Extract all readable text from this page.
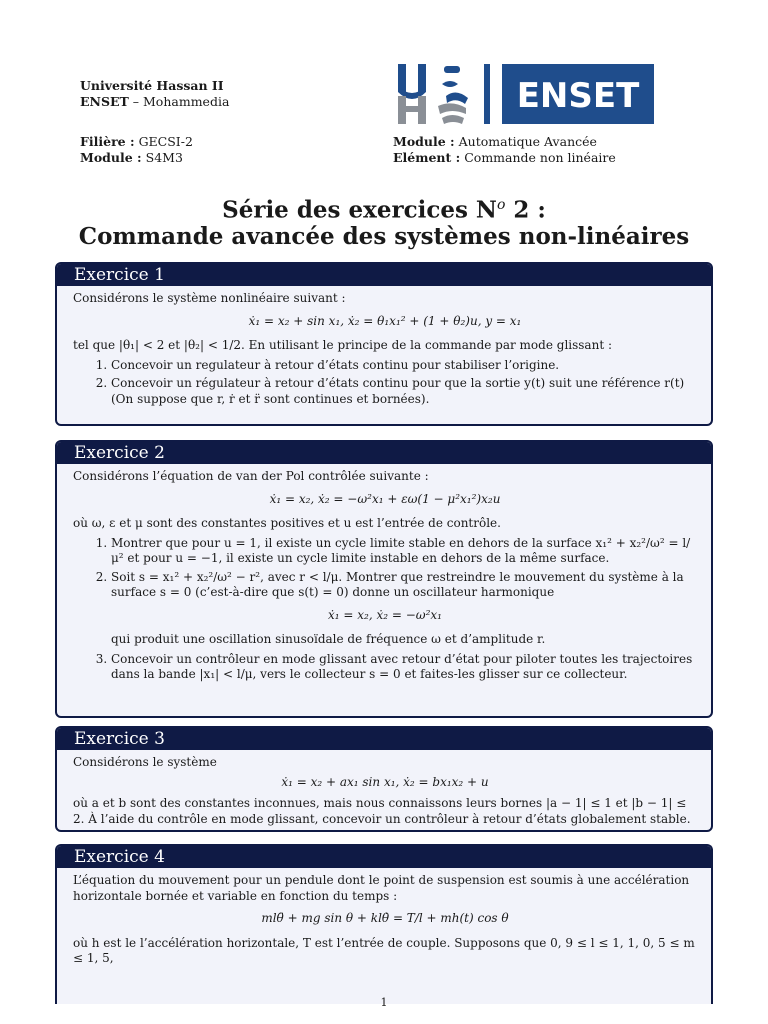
Université Hassan II
ENSET – Mohammedia
Filière : GECSI-2
Module : S4M3
Module : Automatique Avancée
Elément : Commande non linéaire
ENSET
Série des exercices $N^o$ 2 :
Commande avancée des systèmes non-linéaires
Exercice 1

Considérons le système nonlinéaire suivant :

ẋ₁ = x₂ + sin x₁, ẋ₂ = θ₁x₁² + (1 + θ₂)u, y = x₁

tel que |θ₁| < 2 et |θ₂| < 1/2. En utilisant le principe de la commande par mode glissant :

1. Concevoir un regulateur à retour d’états continu pour stabiliser l’origine.
2. Concevoir un régulateur à retour d’états continu pour que la sortie y(t) suit une référence r(t) (On suppose que r, ṙ et r̈ sont continues et bornées).
Exercice 2

Considérons l’équation de van der Pol contrôlée suivante :

ẋ₁ = x₂, ẋ₂ = −ω²x₁ + εω(1 − μ²x₁²)x₂u

où ω, ε et μ sont des constantes positives et u est l’entrée de contrôle.

1. Montrer que pour u = 1, il existe un cycle limite stable en dehors de la surface x₁² + x₂²/ω² = l/μ² et pour u = −1, il existe un cycle limite instable en dehors de la même surface.
2. Soit s = x₁² + x₂²/ω² − r², avec r < l/μ. Montrer que restreindre le mouvement du système à la surface s = 0 (c’est-à-dire que s(t) = 0) donne un oscillateur harmonique
ẋ₁ = x₂, ẋ₂ = −ω²x₁

qui produit une oscillation sinusoïdale de fréquence ω et d’amplitude r.

3. Concevoir un contrôleur en mode glissant avec retour d’état pour piloter toutes les trajectoires dans la bande |x₁| < l/μ, vers le collecteur s = 0 et faites-les glisser sur ce collecteur.
Exercice 3

Considérons le système

ẋ₁ = x₂ + ax₁ sin x₁, ẋ₂ = bx₁x₂ + u

où a et b sont des constantes inconnues, mais nous connaissons leurs bornes |a − 1| ≤ 1 et |b − 1| ≤ 2. À l’aide du contrôle en mode glissant, concevoir un contrôleur à retour d’états globalement stable.

Exercice 4

L’équation du mouvement pour un pendule dont le point de suspension est soumis à une accélération horizontale bornée et variable en fonction du temps :

mlθ̈ + mg sin θ + klθ̇ = T/l + mh(t) cos θ

où h est le l’accélération horizontale, T est l’entrée de couple. Supposons que 0, 9 ≤ l ≤ 1, 1, 0, 5 ≤ m ≤ 1, 5,

1
